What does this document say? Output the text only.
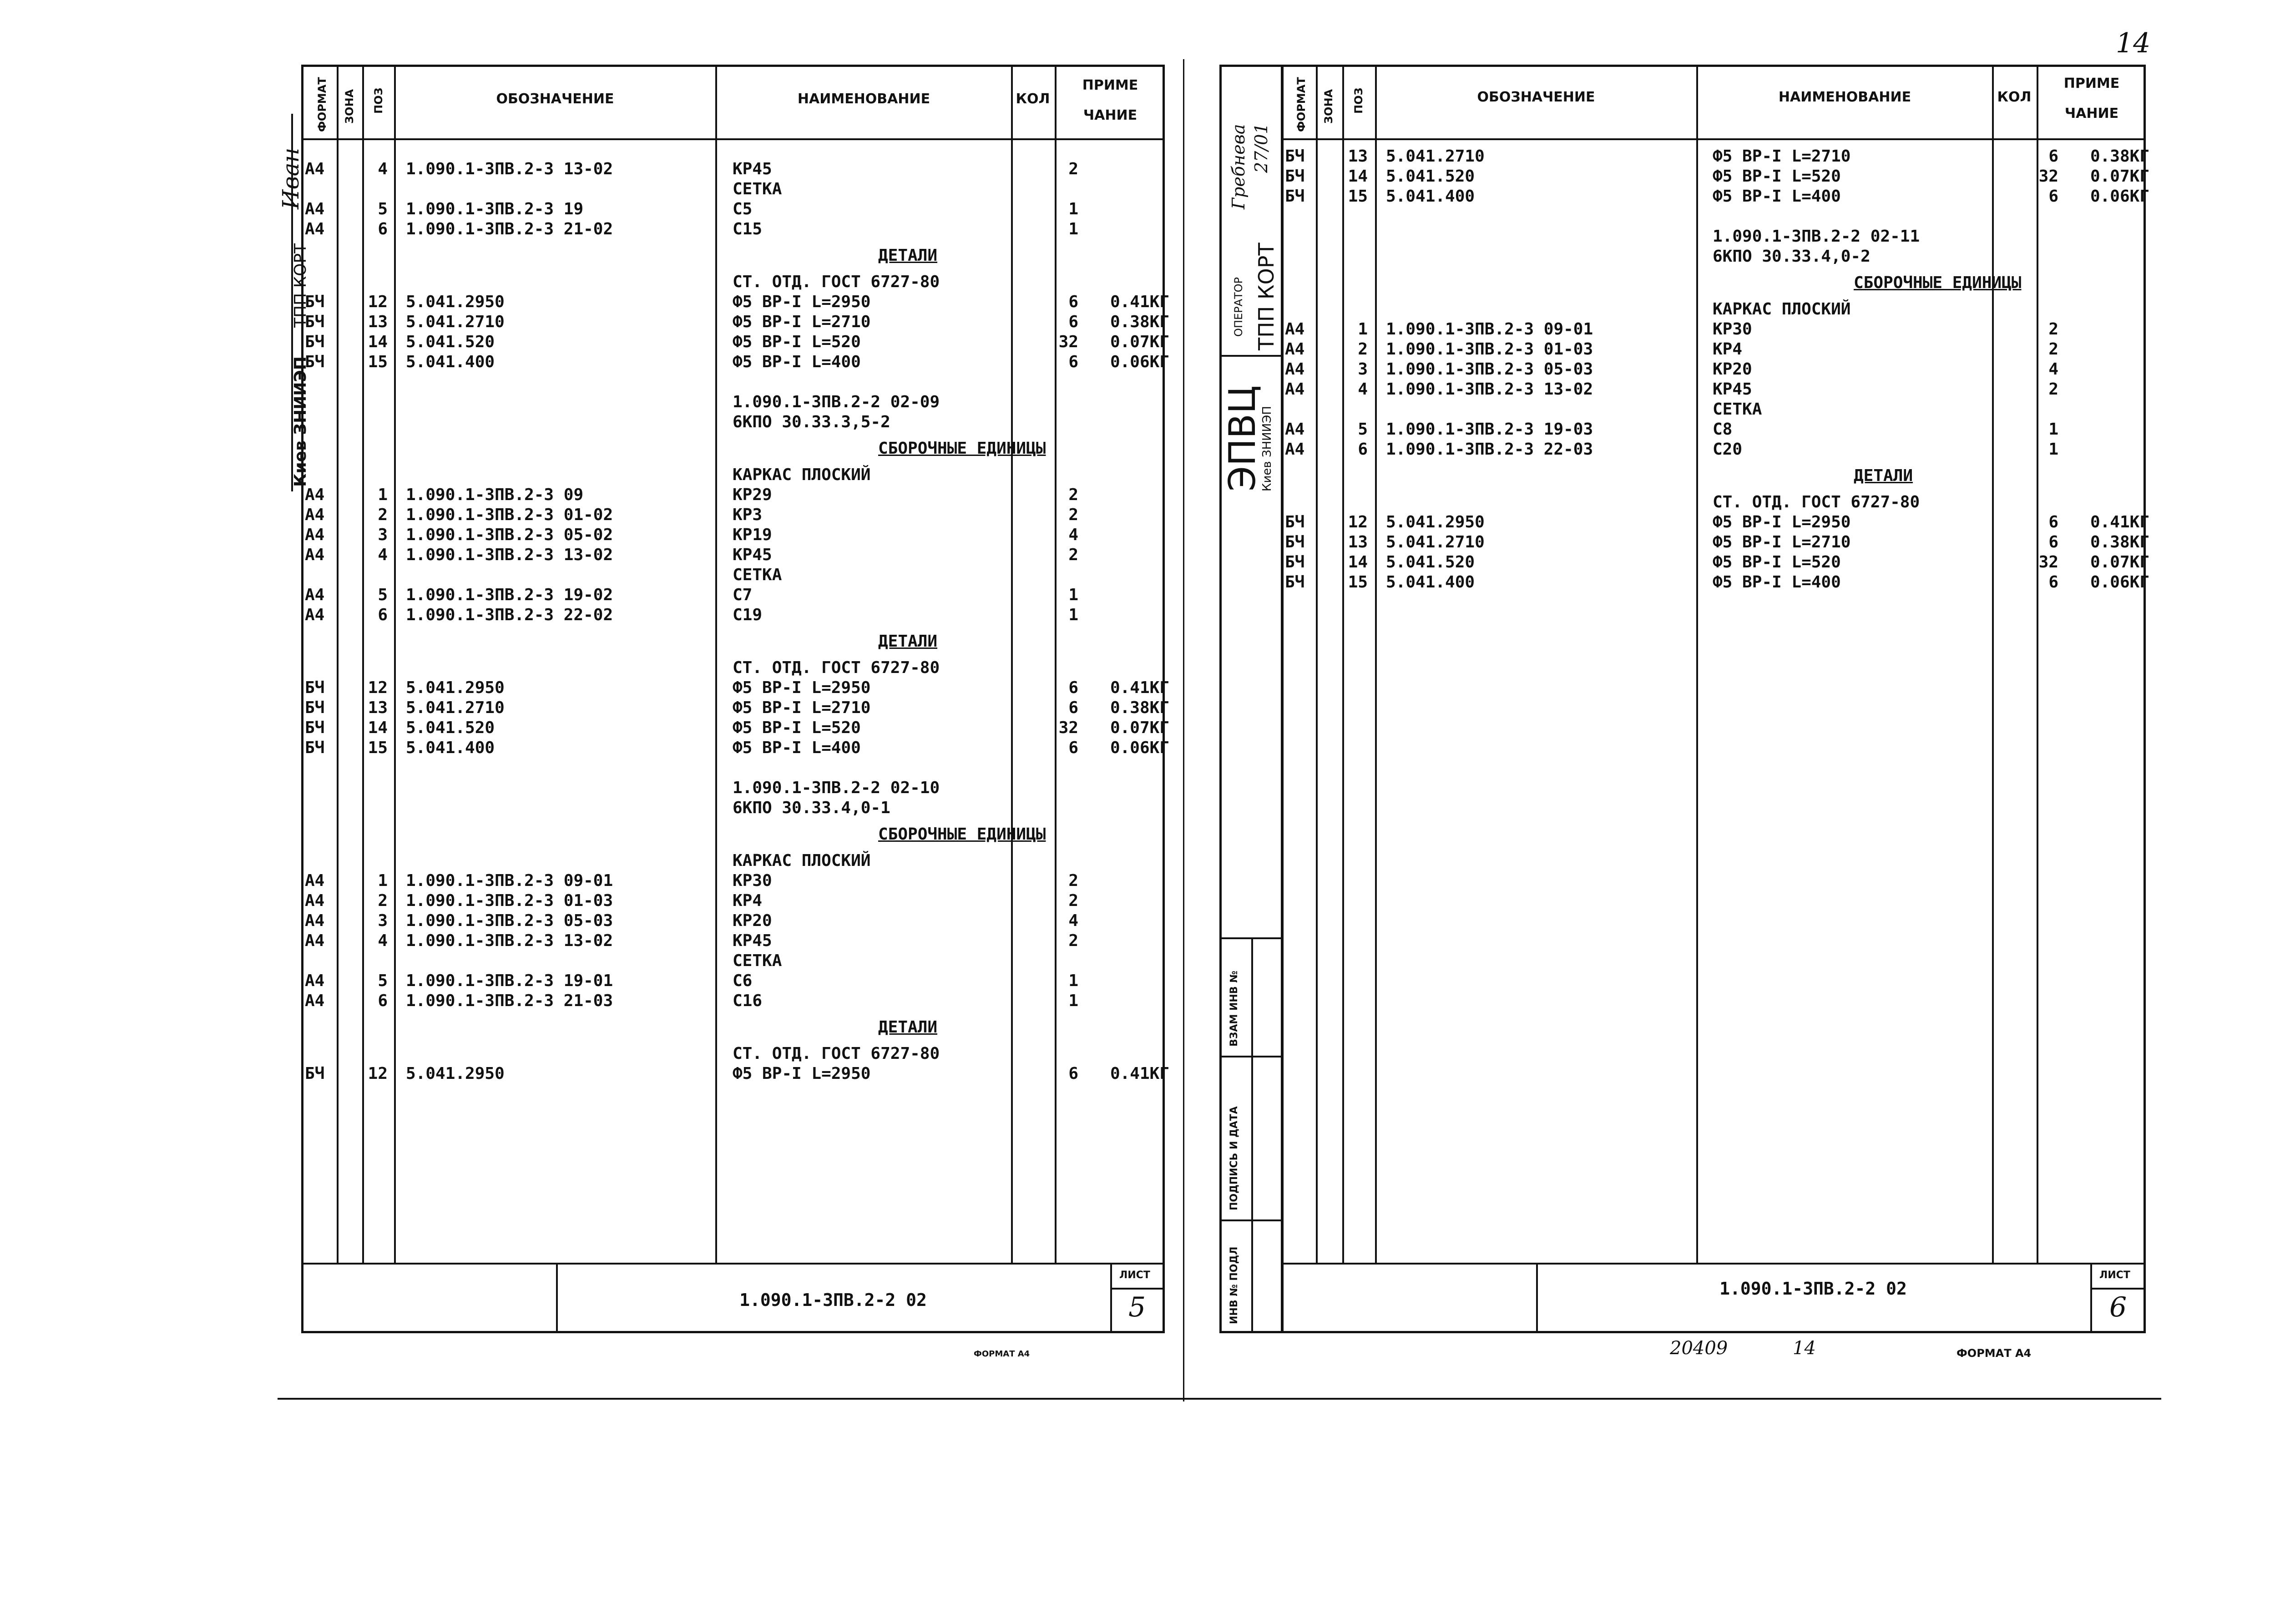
ФОРМАТ ЗОНА ПОЗ	ОБОЗНАЧЕНИЕ	НАИМЕНОВАНИЕ	КОЛ
ПРИМЕ
ЧАНИЕ
А4	4 1.090.1-3ПВ.2-3 13-02	КР45	2
СЕТКА
А4	5 1.090.1-3ПВ.2-3 19	С5	1
А4	6 1.090.1-3ПВ.2-3 21-02	С15	1
ДЕТАЛИ
СТ. ОТД. ГОСТ 6727-80
БЧ	12 5.041.2950	Ф5 ВР-I L=2950	6	0.41КГ
БЧ	13 5.041.2710	Ф5 ВР-I L=2710	6	0.38КГ
БЧ	14 5.041.520	Ф5 ВР-I L=520	32	0.07КГ
БЧ	15 5.041.400	Ф5 ВР-I L=400	6	0.06КГ
1.090.1-3ПВ.2-2 02-09
6КПО 30.33.3,5-2
СБОРОЧНЫЕ ЕДИНИЦЫ
КАРКАС ПЛОСКИЙ
А4	1 1.090.1-3ПВ.2-3 09	КР29	2
А4	2 1.090.1-3ПВ.2-3 01-02	КР3	2
А4	3 1.090.1-3ПВ.2-3 05-02	КР19	4
А4	4 1.090.1-3ПВ.2-3 13-02	КР45	2
СЕТКА
А4	5 1.090.1-3ПВ.2-3 19-02	С7	1
А4	6 1.090.1-3ПВ.2-3 22-02	С19	1
ДЕТАЛИ
СТ. ОТД. ГОСТ 6727-80
БЧ	12 5.041.2950	Ф5 ВР-I L=2950	6	0.41КГ
БЧ	13 5.041.2710	Ф5 ВР-I L=2710	6	0.38КГ
БЧ	14 5.041.520	Ф5 ВР-I L=520	32	0.07КГ
БЧ	15 5.041.400	Ф5 ВР-I L=400	6	0.06КГ
1.090.1-3ПВ.2-2 02-10
6КПО 30.33.4,0-1
СБОРОЧНЫЕ ЕДИНИЦЫ
КАРКАС ПЛОСКИЙ
А4	1 1.090.1-3ПВ.2-3 09-01	КР30	2
А4	2 1.090.1-3ПВ.2-3 01-03	КР4	2
А4	3 1.090.1-3ПВ.2-3 05-03	КР20	4
А4	4 1.090.1-3ПВ.2-3 13-02	КР45	2
СЕТКА
А4	5 1.090.1-3ПВ.2-3 19-01	С6	1
А4	6 1.090.1-3ПВ.2-3 21-03	С16	1
ДЕТАЛИ
СТ. ОТД. ГОСТ 6727-80
БЧ	12 5.041.2950	Ф5 ВР-I L=2950	6	0.41КГ
1.090.1-3ПВ.2-2 02
ЛИСТ
5
ФОРМАТ А4
Киев ЗНИИЭП
ТПП КОРТ
Иван
ФОРМАТ ЗОНА ПОЗ	ОБОЗНАЧЕНИЕ	НАИМЕНОВАНИЕ	КОЛ
ПРИМЕ
ЧАНИЕ
БЧ	13 5.041.2710	Ф5 ВР-I L=2710	6	0.38КГ
БЧ	14 5.041.520	Ф5 ВР-I L=520	32	0.07КГ
БЧ	15 5.041.400	Ф5 ВР-I L=400	6	0.06КГ
1.090.1-3ПВ.2-2 02-11
6КПО 30.33.4,0-2
СБОРОЧНЫЕ ЕДИНИЦЫ
КАРКАС ПЛОСКИЙ
А4	1 1.090.1-3ПВ.2-3 09-01	КР30	2
А4	2 1.090.1-3ПВ.2-3 01-03	КР4	2
А4	3 1.090.1-3ПВ.2-3 05-03	КР20	4
А4	4 1.090.1-3ПВ.2-3 13-02	КР45	2
СЕТКА
А4	5 1.090.1-3ПВ.2-3 19-03	С8	1
А4	6 1.090.1-3ПВ.2-3 22-03	С20	1
ДЕТАЛИ
СТ. ОТД. ГОСТ 6727-80
БЧ	12 5.041.2950	Ф5 ВР-I L=2950	6	0.41КГ
БЧ	13 5.041.2710	Ф5 ВР-I L=2710	6	0.38КГ
БЧ	14 5.041.520	Ф5 ВР-I L=520	32	0.07КГ
БЧ	15 5.041.400	Ф5 ВР-I L=400	6	0.06КГ
1.090.1-3ПВ.2-2 02
ЛИСТ
6
ФОРМАТ А4
20409	14
14
ЭПВЦ
Киев ЗНИИЭП
ОПЕРАТОР ТПП КОРТ
Гребнева 27/01
ВЗАМ ИНВ №
ПОДПИСЬ И ДАТА
ИНВ № ПОДЛ
